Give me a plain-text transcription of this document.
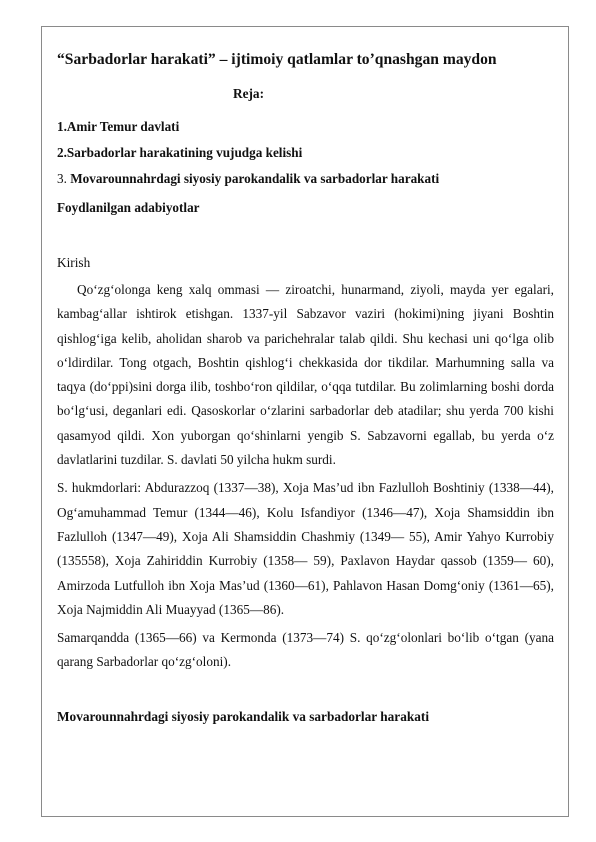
“Sarbadorlar harakati” – ijtimoiy qatlamlar to’qnashgan maydon
Reja:
1.Amir Temur davlati
2.Sarbadorlar harakatining vujudga kelishi
3. Movarounnahrdagi siyosiy parokandalik va sarbadorlar harakati
Foydlanilgan adabiyotlar
Kirish

Qo‘zg‘olonga keng xalq ommasi — ziroatchi, hunarmand, ziyoli, mayda yer egalari, kambag‘allar ishtirok etishgan. 1337-yil Sabzavor vaziri (hokimi)ning jiyani Boshtin qishlog‘iga kelib, aholidan sharob va parichehralar talab qildi. Shu kechasi uni qo‘lga olib o‘ldirdilar. Tong otgach, Boshtin qishlog‘i chekkasida dor tikdilar. Marhumning salla va taqya (do‘ppi)sini dorga ilib, toshbo‘ron qildilar, o‘qqa tutdilar. Bu zolimlarning boshi dorda bo‘lg‘usi, deganlari edi. Qasoskorlar o‘zlarini sarbadorlar deb atadilar; shu yerda 700 kishi qasamyod qildi. Xon yuborgan qo‘shinlarni yengib S. Sabzavorni egallab, bu yerda o‘z davlatlarini tuzdilar. S. davlati 50 yilcha hukm surdi.

S. hukmdorlari: Abdurazzoq (1337—38), Xoja Mas’ud ibn Fazlulloh Boshtiniy (1338—44), Og‘amuhammad Temur (1344—46), Kolu Isfandiyor (1346—47), Xoja Shamsiddin ibn Fazlulloh (1347—49), Xoja Ali Shamsiddin Chashmiy (1349— 55), Amir Yahyo Kurrobiy (135558), Xoja Zahiriddin Kurrobiy (1358— 59), Paxlavon Haydar qassob (1359— 60), Amirzoda Lutfulloh ibn Xoja Mas’ud (1360—61), Pahlavon Hasan Domg‘oniy (1361—65), Xoja Najmiddin Ali Muayyad (1365—86).

Samarqandda (1365—66) va Kermonda (1373—74) S. qo‘zg‘olonlari bo‘lib o‘tgan (yana qarang Sarbadorlar qo‘zg‘oloni).

Movarounnahrdagi siyosiy parokandalik va sarbadorlar harakati
